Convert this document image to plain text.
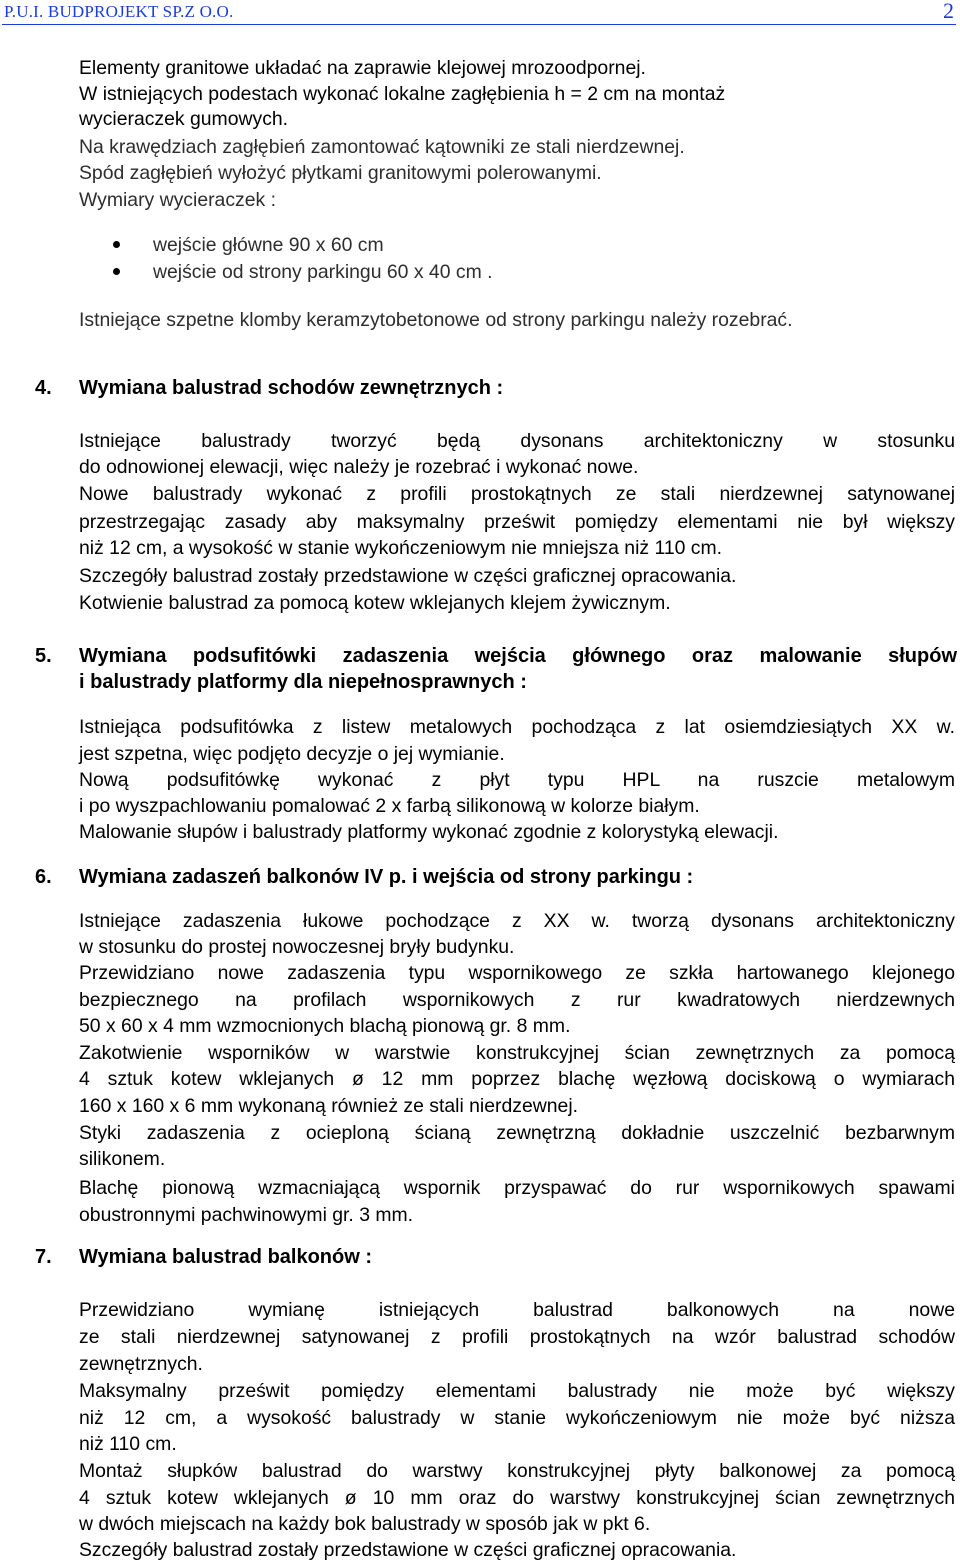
P.U.I. BUDPROJEKT SP.Z O.O.	2
Elementy granitowe układać na zaprawie klejowej mrozoodpornej.
W istniejących podestach wykonać lokalne zagłębienia h = 2 cm na montaż
wycieraczek gumowych.
Na krawędziach zagłębień zamontować kątowniki ze stali nierdzewnej.
Spód zagłębień wyłożyć płytkami granitowymi polerowanymi.
Wymiary wycieraczek :
wejście główne 90 x 60 cm
wejście od strony parkingu 60 x 40 cm .
Istniejące szpetne klomby keramzytobetonowe od strony parkingu należy rozebrać.
4. Wymiana balustrad schodów zewnętrznych :
Istniejące balustrady tworzyć będą dysonans architektoniczny w stosunku
do odnowionej elewacji, więc należy je rozebrać i wykonać nowe.
Nowe balustrady wykonać z profili prostokątnych ze stali nierdzewnej satynowanej
przestrzegając zasady aby maksymalny prześwit pomiędzy elementami nie był większy
niż 12 cm, a wysokość w stanie wykończeniowym nie mniejsza niż 110 cm.
Szczegóły balustrad zostały przedstawione w części graficznej opracowania.
Kotwienie balustrad za pomocą kotew wklejanych klejem żywicznym.
5. Wymiana podsufitówki zadaszenia wejścia głównego oraz malowanie słupów
i balustrady platformy dla niepełnosprawnych :
Istniejąca podsufitówka z listew metalowych pochodząca z lat osiemdziesiątych XX w.
jest szpetna, więc podjęto decyzje o jej wymianie.
Nową podsufitówkę wykonać z płyt typu HPL na ruszcie metalowym
i po wyszpachlowaniu pomalować 2 x farbą silikonową w kolorze białym.
Malowanie słupów i balustrady platformy wykonać zgodnie z kolorystyką elewacji.
6. Wymiana zadaszeń balkonów IV p. i wejścia od strony parkingu :
Istniejące zadaszenia łukowe pochodzące z XX w. tworzą dysonans architektoniczny
w stosunku do prostej nowoczesnej bryły budynku.
Przewidziano nowe zadaszenia typu wspornikowego ze szkła hartowanego klejonego
bezpiecznego na profilach wspornikowych z rur kwadratowych nierdzewnych
50 x 60 x 4 mm wzmocnionych blachą pionową gr. 8 mm.
Zakotwienie wsporników w warstwie konstrukcyjnej ścian zewnętrznych za pomocą
4 sztuk kotew wklejanych ø 12 mm poprzez blachę węzłową dociskową o wymiarach
160 x 160 x 6 mm wykonaną również ze stali nierdzewnej.
Styki zadaszenia z ocieploną ścianą zewnętrzną dokładnie uszczelnić bezbarwnym
silikonem.
Blachę pionową wzmacniającą wspornik przyspawać do rur wspornikowych spawami
obustronnymi pachwinowymi gr. 3 mm.
7. Wymiana balustrad balkonów :
Przewidziano wymianę istniejących balustrad balkonowych na nowe
ze stali nierdzewnej satynowanej z profili prostokątnych na wzór balustrad schodów
zewnętrznych.
Maksymalny prześwit pomiędzy elementami balustrady nie może być większy
niż 12 cm, a wysokość balustrady w stanie wykończeniowym nie może być niższa
niż 110 cm.
Montaż słupków balustrad do warstwy konstrukcyjnej płyty balkonowej za pomocą
4 sztuk kotew wklejanych ø 10 mm oraz do warstwy konstrukcyjnej ścian zewnętrznych
w dwóch miejscach na każdy bok balustrady w sposób jak w pkt 6.
Szczegóły balustrad zostały przedstawione w części graficznej opracowania.
